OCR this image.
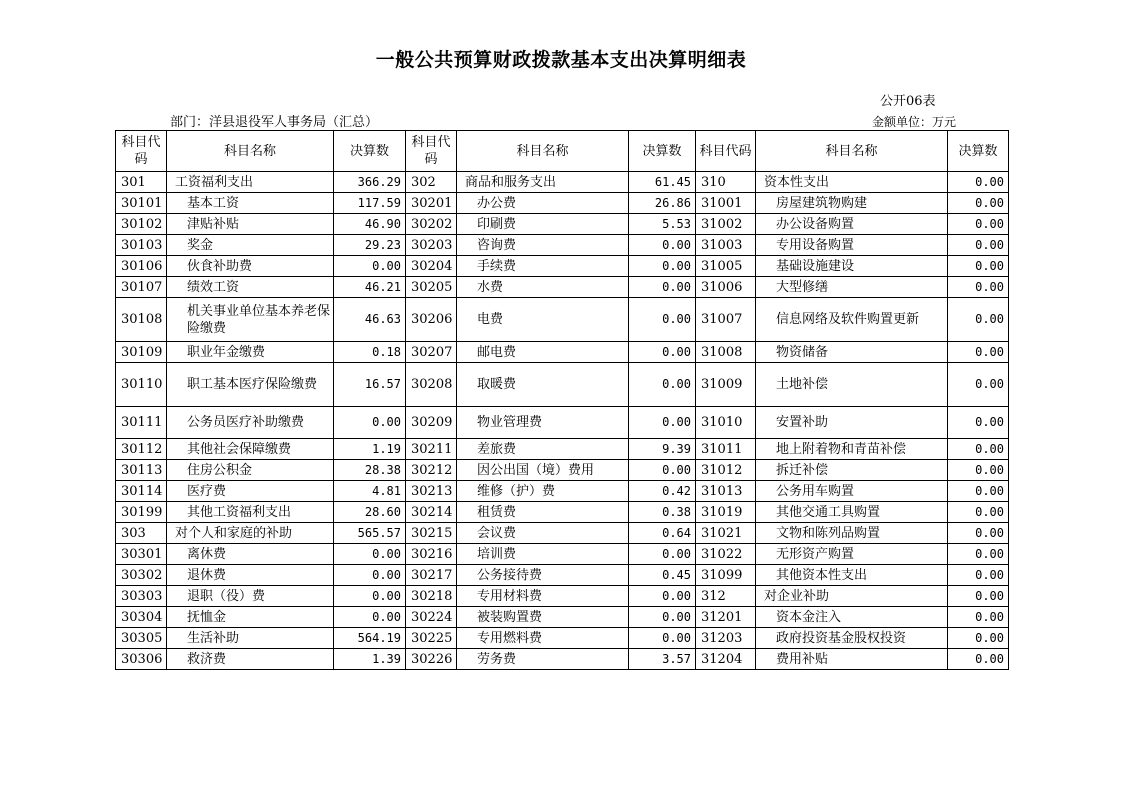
一般公共预算财政拨款基本支出决算明细表
公开06表
部门：洋县退役军人事务局（汇总）	金额单位：万元
科目代码	科目名称	决算数	科目代码	科目名称	决算数	科目代码	科目名称	决算数
301	工资福利支出	366.29	302	商品和服务支出	61.45	310	资本性支出	0.00
30101	基本工资	117.59	30201	办公费	26.86	31001	房屋建筑物购建	0.00
30102	津贴补贴	46.90	30202	印刷费	5.53	31002	办公设备购置	0.00
30103	奖金	29.23	30203	咨询费	0.00	31003	专用设备购置	0.00
30106	伙食补助费	0.00	30204	手续费	0.00	31005	基础设施建设	0.00
30107	绩效工资	46.21	30205	水费	0.00	31006	大型修缮	0.00
30108	机关事业单位基本养老保险缴费	46.63	30206	电费	0.00	31007	信息网络及软件购置更新	0.00
30109	职业年金缴费	0.18	30207	邮电费	0.00	31008	物资储备	0.00
30110	职工基本医疗保险缴费	16.57	30208	取暖费	0.00	31009	土地补偿	0.00
30111	公务员医疗补助缴费	0.00	30209	物业管理费	0.00	31010	安置补助	0.00
30112	其他社会保障缴费	1.19	30211	差旅费	9.39	31011	地上附着物和青苗补偿	0.00
30113	住房公积金	28.38	30212	因公出国（境）费用	0.00	31012	拆迁补偿	0.00
30114	医疗费	4.81	30213	维修（护）费	0.42	31013	公务用车购置	0.00
30199	其他工资福利支出	28.60	30214	租赁费	0.38	31019	其他交通工具购置	0.00
303	对个人和家庭的补助	565.57	30215	会议费	0.64	31021	文物和陈列品购置	0.00
30301	离休费	0.00	30216	培训费	0.00	31022	无形资产购置	0.00
30302	退休费	0.00	30217	公务接待费	0.45	31099	其他资本性支出	0.00
30303	退职（役）费	0.00	30218	专用材料费	0.00	312	对企业补助	0.00
30304	抚恤金	0.00	30224	被装购置费	0.00	31201	资本金注入	0.00
30305	生活补助	564.19	30225	专用燃料费	0.00	31203	政府投资基金股权投资	0.00
30306	救济费	1.39	30226	劳务费	3.57	31204	费用补贴	0.00
